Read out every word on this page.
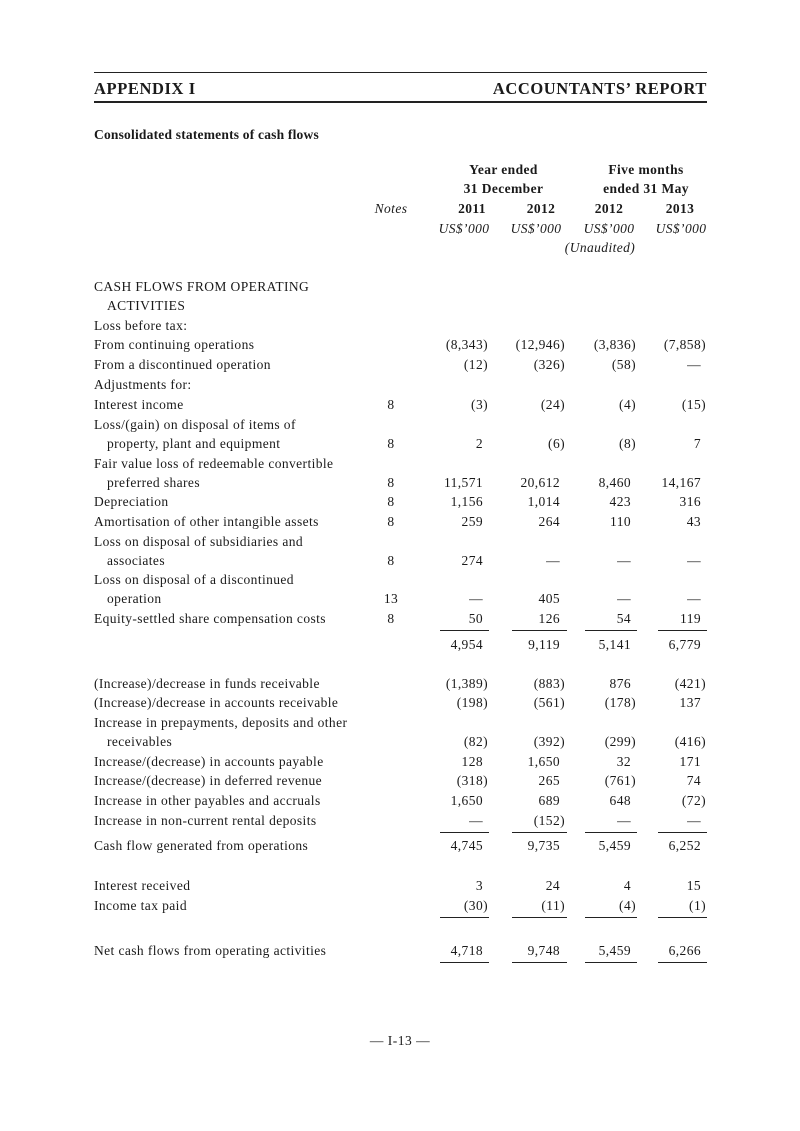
APPENDIX I	ACCOUNTANTS’ REPORT
Consolidated statements of cash flows
Year ended
31 December
Five months
ended 31 May
Notes	2011	2012	2012	2013
US$’000	US$’000	US$’000	US$’000
(Unaudited)
CASH FLOWS FROM OPERATING
ACTIVITIES
Loss before tax:
From continuing operations	(8,343) (12,946) (3,836) (7,858)
From a discontinued operation	(12)	(326)	(58)	—
Adjustments for:
Interest income	8	(3)	(24)	(4)	(15)
Loss/(gain) on disposal of items of
property, plant and equipment	8	2	(6)	(8)	7
Fair value loss of redeemable convertible
preferred shares	8	11,571	20,612	8,460	14,167
Depreciation	8	1,156	1,014	423	316
Amortisation of other intangible assets	8	259	264	110	43
Loss on disposal of subsidiaries and
associates	8	274	—	—	—
Loss on disposal of a discontinued
operation	13	—	405	—	—
Equity-settled share compensation costs	8	50	126	54	119
4,954	9,119	5,141	6,779
(Increase)/decrease in funds receivable	(1,389)	(883)	876	(421)
(Increase)/decrease in accounts receivable	(198)	(561)	(178)	137
Increase in prepayments, deposits and other
receivables	(82)	(392)	(299)	(416)
Increase/(decrease) in accounts payable	128	1,650	32	171
Increase/(decrease) in deferred revenue	(318)	265	(761)	74
Increase in other payables and accruals	1,650	689	648	(72)
Increase in non-current rental deposits	—	(152)	—	—
Cash flow generated from operations	4,745	9,735	5,459	6,252
Interest received	3	24	4	15
Income tax paid	(30)	(11)	(4)	(1)
Net cash flows from operating activities	4,718	9,748	5,459	6,266
— I-13 —
